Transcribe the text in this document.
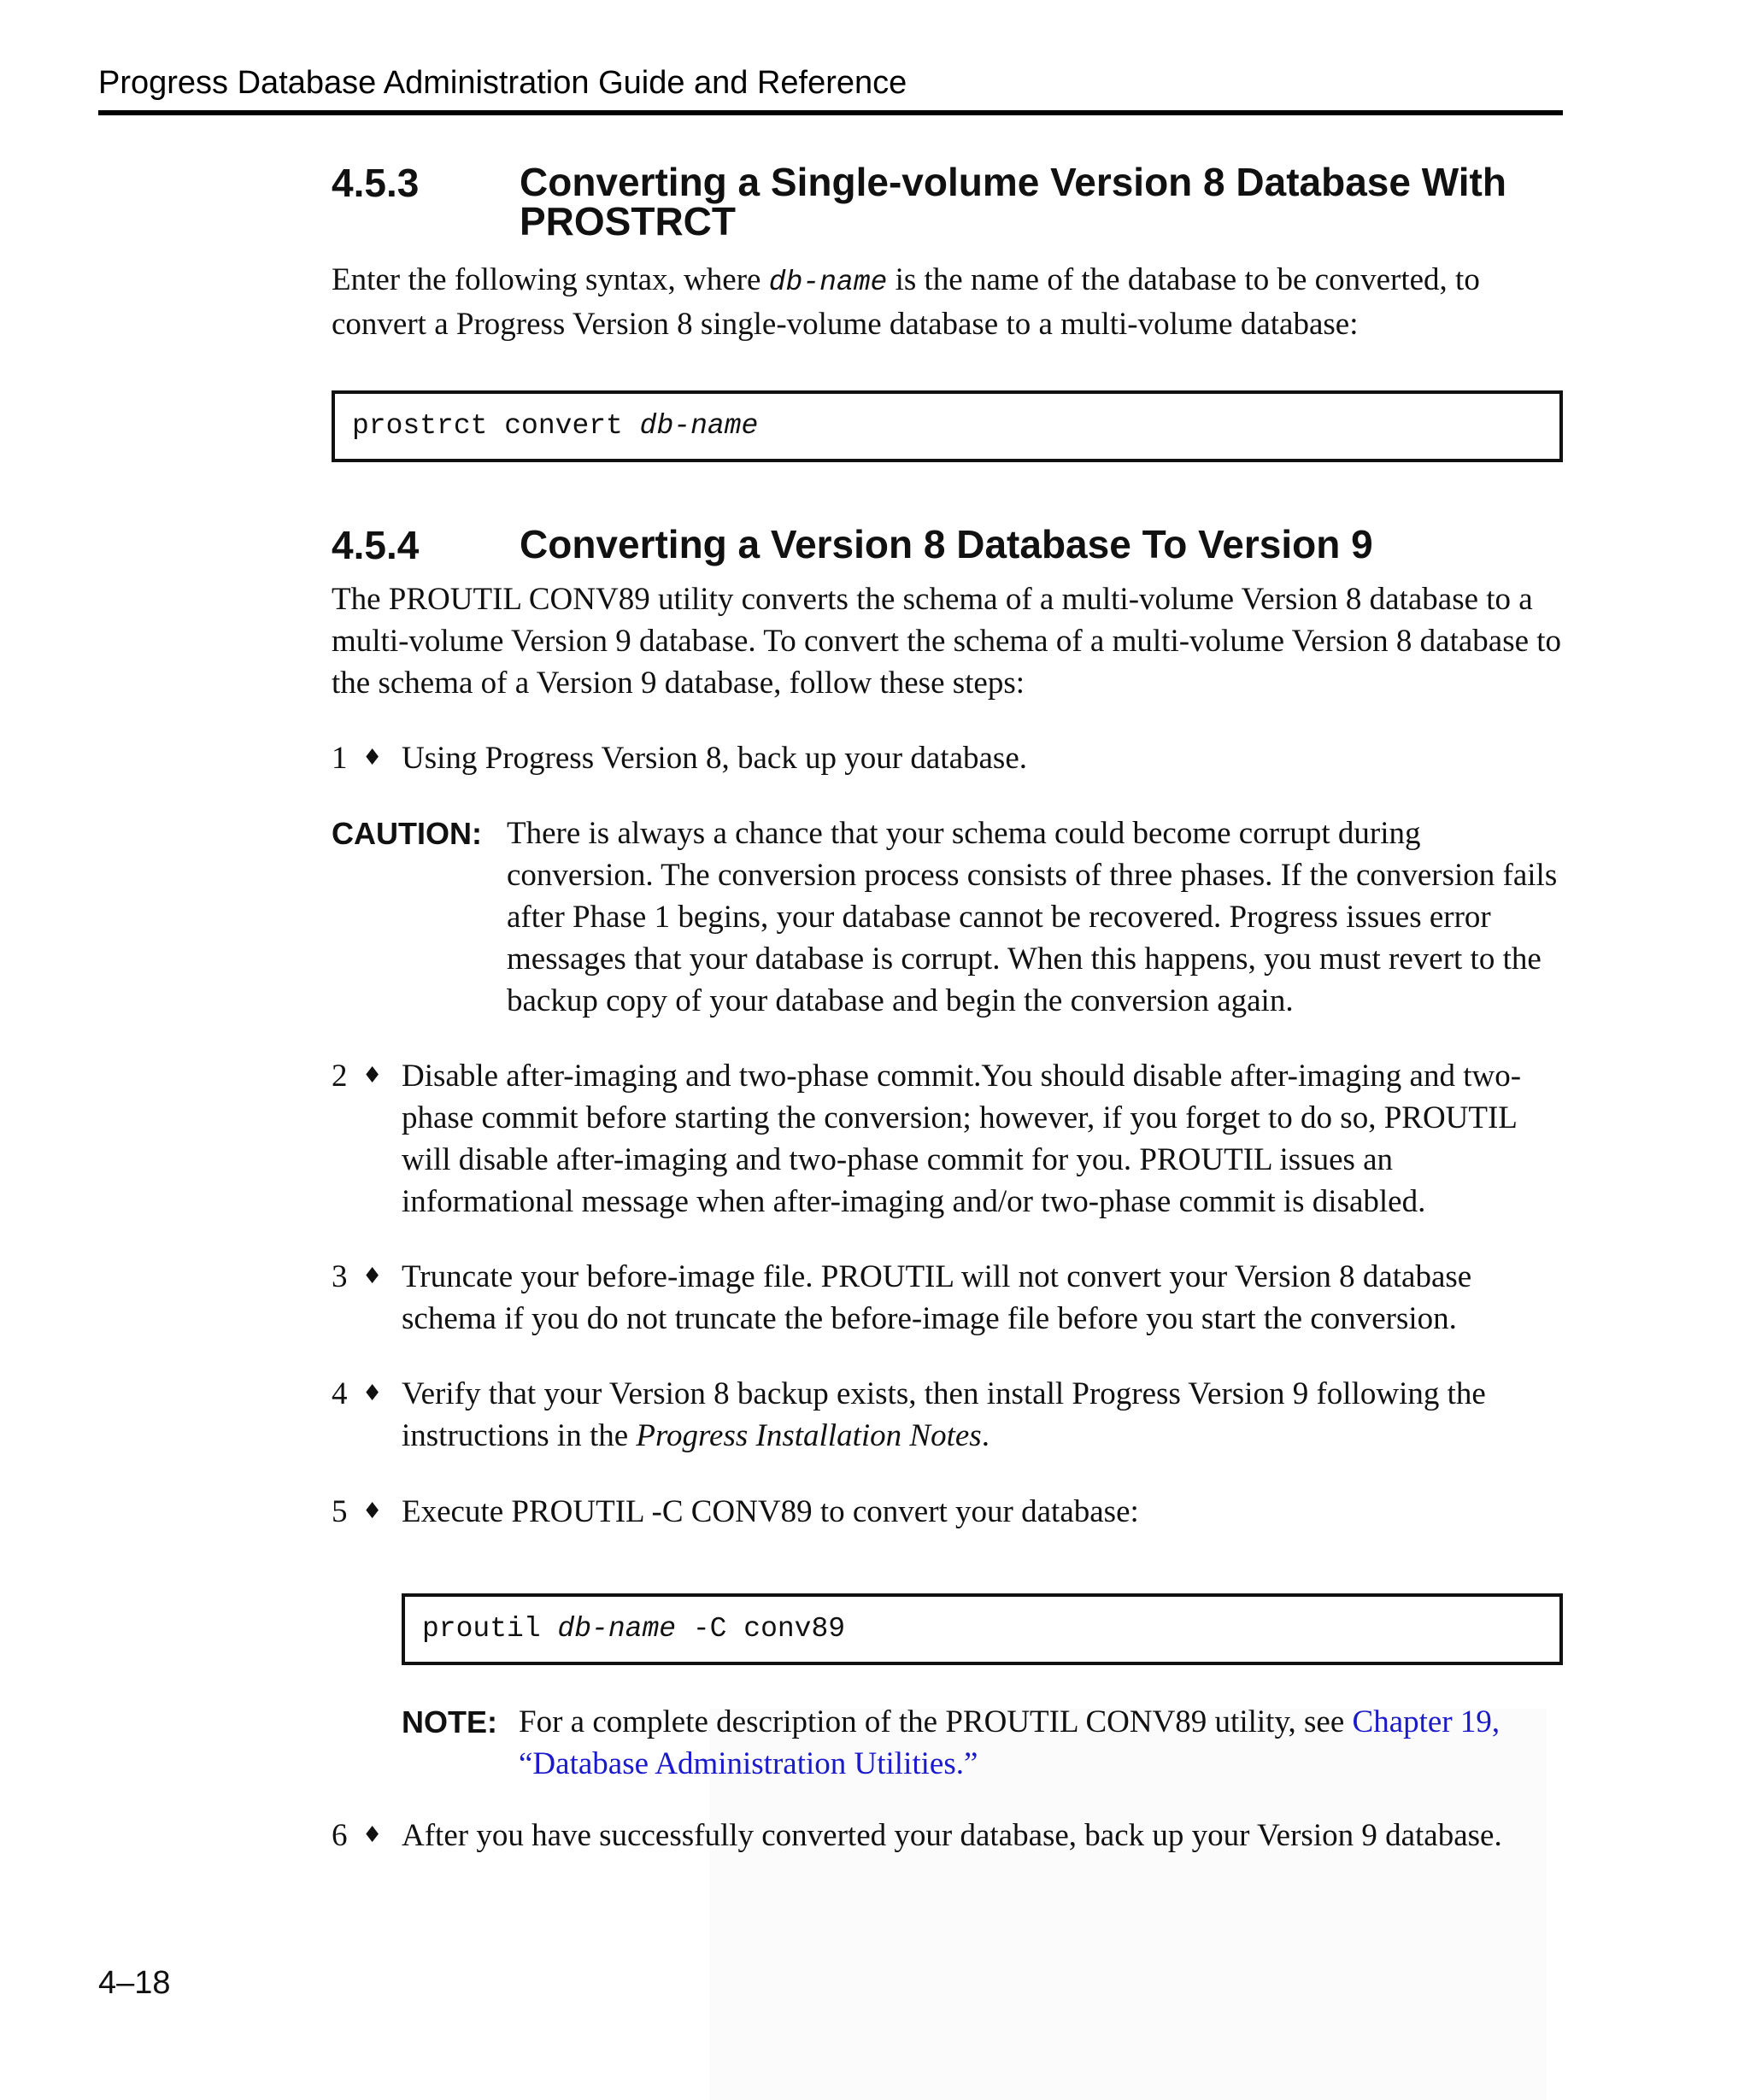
Progress Database Administration Guide and Reference
4.5.3	Converting a Single-volume Version 8 Database With PROSTRCT

Enter the following syntax, where db-name is the name of the database to be converted, to convert a Progress Version 8 single-volume database to a multi-volume database:

prostrct convert db-name
4.5.4	Converting a Version 8 Database To Version 9

The PROUTIL CONV89 utility converts the schema of a multi-volume Version 8 database to a multi-volume Version 9 database. To convert the schema of a multi-volume Version 8 database to the schema of a Version 9 database, follow these steps:

1 ♦ Using Progress Version 8, back up your database.
CAUTION: There is always a chance that your schema could become corrupt during conversion. The conversion process consists of three phases. If the conversion fails after Phase 1 begins, your database cannot be recovered. Progress issues error messages that your database is corrupt. When this happens, you must revert to the backup copy of your database and begin the conversion again.

2 ♦ Disable after-imaging and two-phase commit.You should disable after-imaging and two-phase commit before starting the conversion; however, if you forget to do so, PROUTIL will disable after-imaging and two-phase commit for you. PROUTIL issues an informational message when after-imaging and/or two-phase commit is disabled.
3 ♦ Truncate your before-image file. PROUTIL will not convert your Version 8 database schema if you do not truncate the before-image file before you start the conversion.
4 ♦ Verify that your Version 8 backup exists, then install Progress Version 9 following the instructions in the Progress Installation Notes.
5 ♦ Execute PROUTIL -C CONV89 to convert your database:
proutil db-name -C conv89
NOTE: For a complete description of the PROUTIL CONV89 utility, see Chapter 19, “Database Administration Utilities.”

6 ♦ After you have successfully converted your database, back up your Version 9 database.
4–18
